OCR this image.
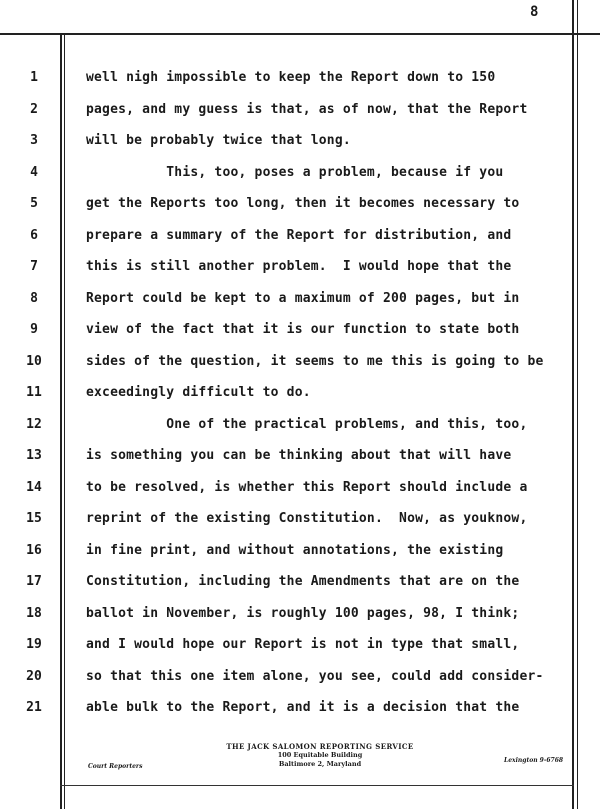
8
1
2
3
4
5
6
7
8
9
10
11
12
13
14
15
16
17
18
19
20
21
well nigh impossible to keep the Report down to 150
pages, and my guess is that, as of now, that the Report
will be probably twice that long.
This, too, poses a problem, because if you
get the Reports too long, then it becomes necessary to
prepare a summary of the Report for distribution, and
this is still another problem.  I would hope that the
Report could be kept to a maximum of 200 pages, but in
view of the fact that it is our function to state both
sides of the question, it seems to me this is going to be
exceedingly difficult to do.
One of the practical problems, and this, too,
is something you can be thinking about that will have
to be resolved, is whether this Report should include a
reprint of the existing Constitution.  Now, as youknow,
in fine print, and without annotations, the existing
Constitution, including the Amendments that are on the
ballot in November, is roughly 100 pages, 98, I think;
and I would hope our Report is not in type that small,
so that this one item alone, you see, could add consider-
able bulk to the Report, and it is a decision that the
THE JACK SALOMON REPORTING SERVICE
100 Equitable Building
Baltimore 2, Maryland
Court Reporters
Lexington 9-6768
